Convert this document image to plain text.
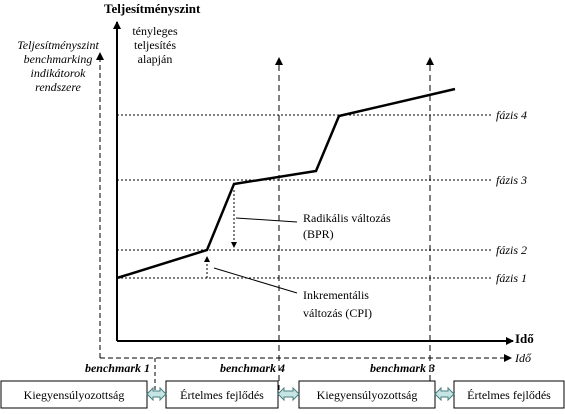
Teljesítményszint
Idő
tényleges
teljesítés
alapján
Teljesítményszint
benchmarking
indikátorok
rendszere
Idő
fázis 4
fázis 3
fázis 2
fázis 1
Inkrementális
változás (CPI)
Radikális változás
(BPR)
benchmark 1	benchmark 4	benchmark 3
Kiegyensúlyozottság	Értelmes fejlődés	Kiegyensúlyozottság	Értelmes fejlődés
